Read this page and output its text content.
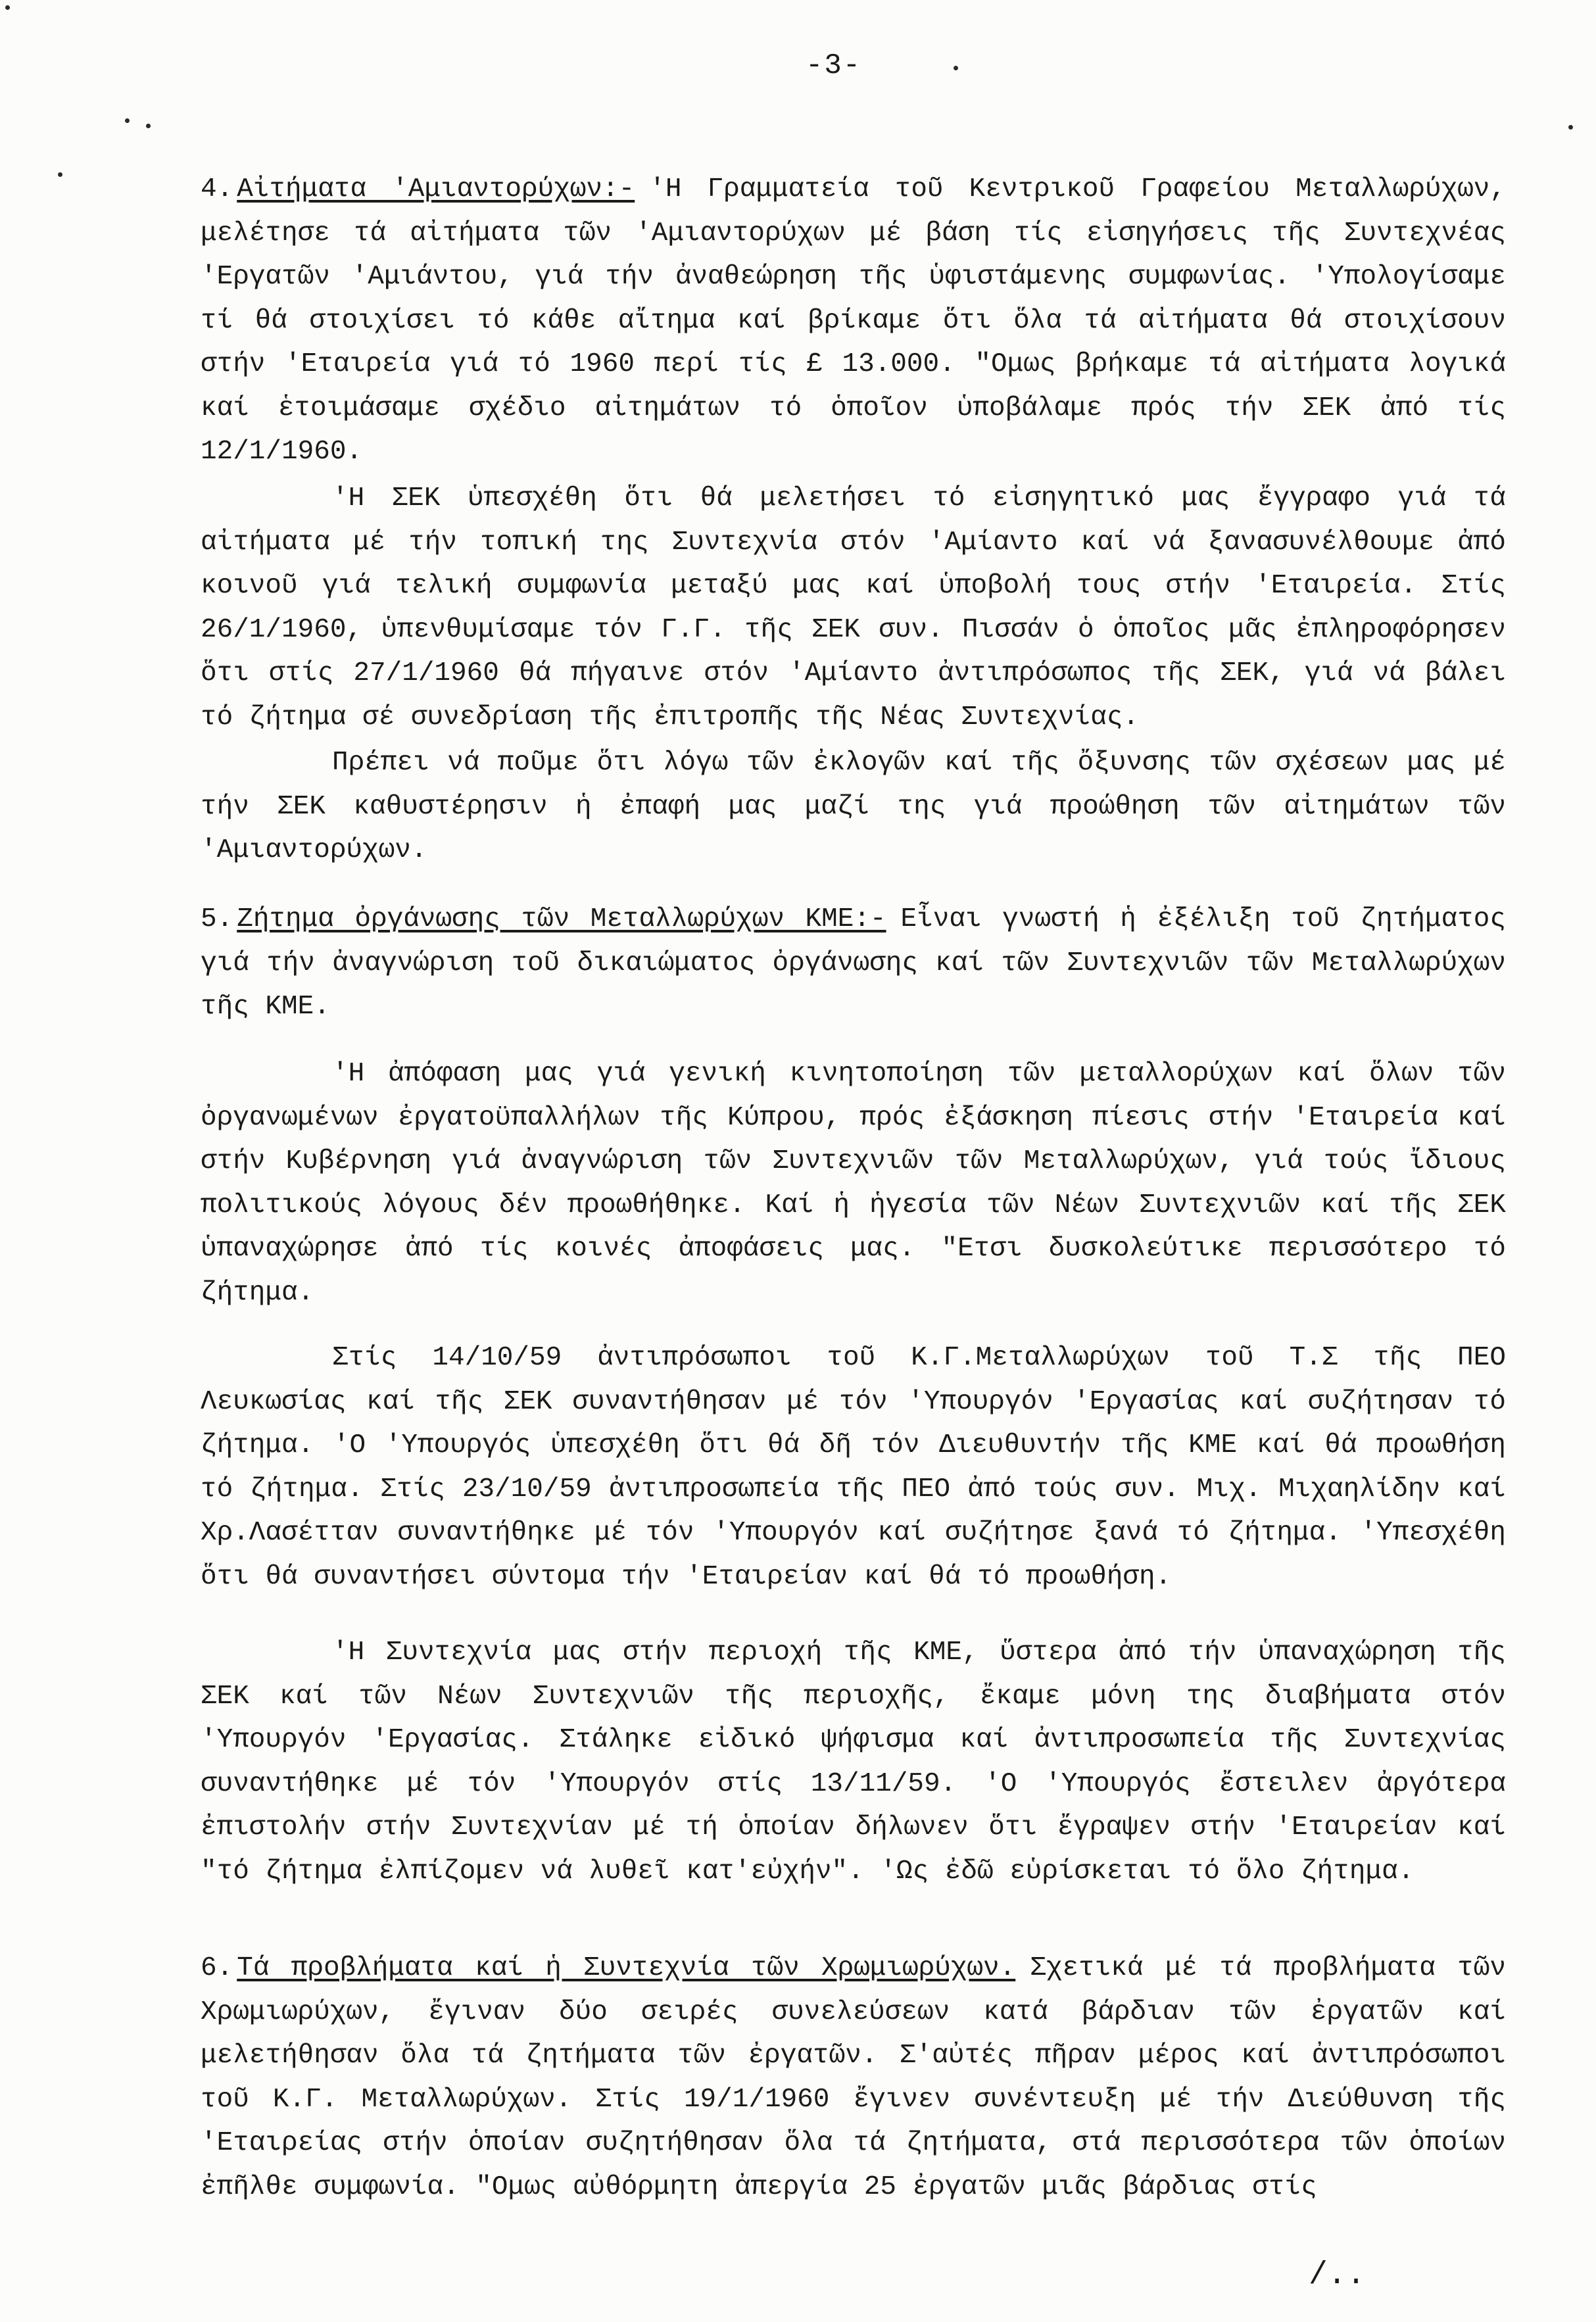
-3-

4. Αἰτήματα 'Αμιαντορύχων:- 'Η Γραμματεία τοῦ Κεντρικοῦ Γραφείου Μεταλλωρύχων, μελέτησε τά αἰτήματα τῶν 'Αμιαντορύχων μέ βάση τίς εἰσηγήσεις τῆς Συντεχνέας 'Εργατῶν 'Αμιάντου, γιά τήν ἀναθεώρηση τῆς ὑφιστάμενης συμφωνίας. 'Υπολογίσαμε τί θά στοιχίσει τό κάθε αἴτημα καί βρίκαμε ὅτι ὅλα τά αἰτήματα θά στοιχίσουν στήν 'Εταιρεία γιά τό 1960 περί τίς £ 13.000. "Ομως βρήκαμε τά αἰτήματα λογικά καί ἑτοιμάσαμε σχέδιο αἰτημάτων τό ὁποῖον ὑποβάλαμε πρός τήν ΣΕΚ ἀπό τίς 12/1/1960.

'Η ΣΕΚ ὑπεσχέθη ὅτι θά μελετήσει τό εἰσηγητικό μας ἔγγραφο γιά τά αἰτήματα μέ τήν τοπική της Συντεχνία στόν 'Αμίαντο καί νά ξανασυνέλθουμε ἀπό κοινοῦ γιά τελική συμφωνία μεταξύ μας καί ὑποβολή τους στήν 'Εταιρεία. Στίς 26/1/1960, ὑπενθυμίσαμε τόν Γ.Γ. τῆς ΣΕΚ συν. Πισσάν ὁ ὁποῖος μᾶς ἐπληροφόρησεν ὅτι στίς 27/1/1960 θά πήγαινε στόν 'Αμίαντο ἀντιπρόσωπος τῆς ΣΕΚ, γιά νά βάλει τό ζήτημα σέ συνεδρίαση τῆς ἐπιτροπῆς τῆς Νέας Συντεχνίας.

Πρέπει νά ποῦμε ὅτι λόγω τῶν ἐκλογῶν καί τῆς ὄξυνσης τῶν σχέσεων μας μέ τήν ΣΕΚ καθυστέρησιν ἡ ἐπαφή μας μαζί της γιά προώθηση τῶν αἰτημάτων τῶν 'Αμιαντορύχων.

5. Ζήτημα ὀργάνωσης τῶν Μεταλλωρύχων ΚΜΕ:- Εἶναι γνωστή ἡ ἐξέλιξη τοῦ ζητήματος γιά τήν ἀναγνώριση τοῦ δικαιώματος ὀργάνωσης καί τῶν Συντεχνιῶν τῶν Μεταλλωρύχων τῆς ΚΜΕ.

'Η ἀπόφαση μας γιά γενική κινητοποίηση τῶν μεταλλορύχων καί ὅλων τῶν ὀργανωμένων ἐργατοϋπαλλήλων τῆς Κύπρου, πρός ἐξάσκηση πίεσις στήν 'Εταιρεία καί στήν Κυβέρνηση γιά ἀναγνώριση τῶν Συντεχνιῶν τῶν Μεταλλωρύχων, γιά τούς ἴδιους πολιτικούς λόγους δέν προωθήθηκε. Καί ἡ ἡγεσία τῶν Νέων Συντεχνιῶν καί τῆς ΣΕΚ ὑπαναχώρησε ἀπό τίς κοινές ἀποφάσεις μας. "Ετσι δυσκολεύτικε περισσότερο τό ζήτημα.

Στίς 14/10/59 ἀντιπρόσωποι τοῦ Κ.Γ.Μεταλλωρύχων τοῦ Τ.Σ τῆς ΠΕΟ Λευκωσίας καί τῆς ΣΕΚ συναντήθησαν μέ τόν 'Υπουργόν 'Εργασίας καί συζήτησαν τό ζήτημα. 'Ο 'Υπουργός ὑπεσχέθη ὅτι θά δῆ τόν Διευθυντήν τῆς ΚΜΕ καί θά προωθήση τό ζήτημα. Στίς 23/10/59 ἀντιπροσωπεία τῆς ΠΕΟ ἀπό τούς συν. Μιχ. Μιχαηλίδην καί Χρ.Λασέτταν συναντήθηκε μέ τόν 'Υπουργόν καί συζήτησε ξανά τό ζήτημα. 'Υπεσχέθη ὅτι θά συναντήσει σύντομα τήν 'Εταιρείαν καί θά τό προωθήση.

'Η Συντεχνία μας στήν περιοχή τῆς ΚΜΕ, ὕστερα ἀπό τήν ὑπαναχώρηση τῆς ΣΕΚ καί τῶν Νέων Συντεχνιῶν τῆς περιοχῆς, ἔκαμε μόνη της διαβήματα στόν 'Υπουργόν 'Εργασίας. Στάληκε εἰδικό ψήφισμα καί ἀντιπροσωπεία τῆς Συντεχνίας συναντήθηκε μέ τόν 'Υπουργόν στίς 13/11/59. 'Ο 'Υπουργός ἔστειλεν ἀργότερα ἐπιστολήν στήν Συντεχνίαν μέ τή ὁποίαν δήλωνεν ὅτι ἔγραψεν στήν 'Εταιρείαν καί "τό ζήτημα ἐλπίζομεν νά λυθεῖ κατ'εὐχήν". 'Ως ἐδῶ εὑρίσκεται τό ὅλο ζήτημα.

6. Τά προβλήματα καί ἡ Συντεχνία τῶν Χρωμιωρύχων. Σχετικά μέ τά προβλήματα τῶν Χρωμιωρύχων, ἔγιναν δύο σειρές συνελεύσεων κατά βάρδιαν τῶν ἐργατῶν καί μελετήθησαν ὅλα τά ζητήματα τῶν ἐργατῶν. Σ'αὐτές πῆραν μέρος καί ἀντιπρόσωποι τοῦ Κ.Γ. Μεταλλωρύχων. Στίς 19/1/1960 ἔγινεν συνέντευξη μέ τήν Διεύθυνση τῆς 'Εταιρείας στήν ὁποίαν συζητήθησαν ὅλα τά ζητήματα, στά περισσότερα τῶν ὁποίων ἐπῆλθε συμφωνία. "Ομως αὐθόρμητη ἀπεργία 25 ἐργατῶν μιᾶς βάρδιας στίς

/..
